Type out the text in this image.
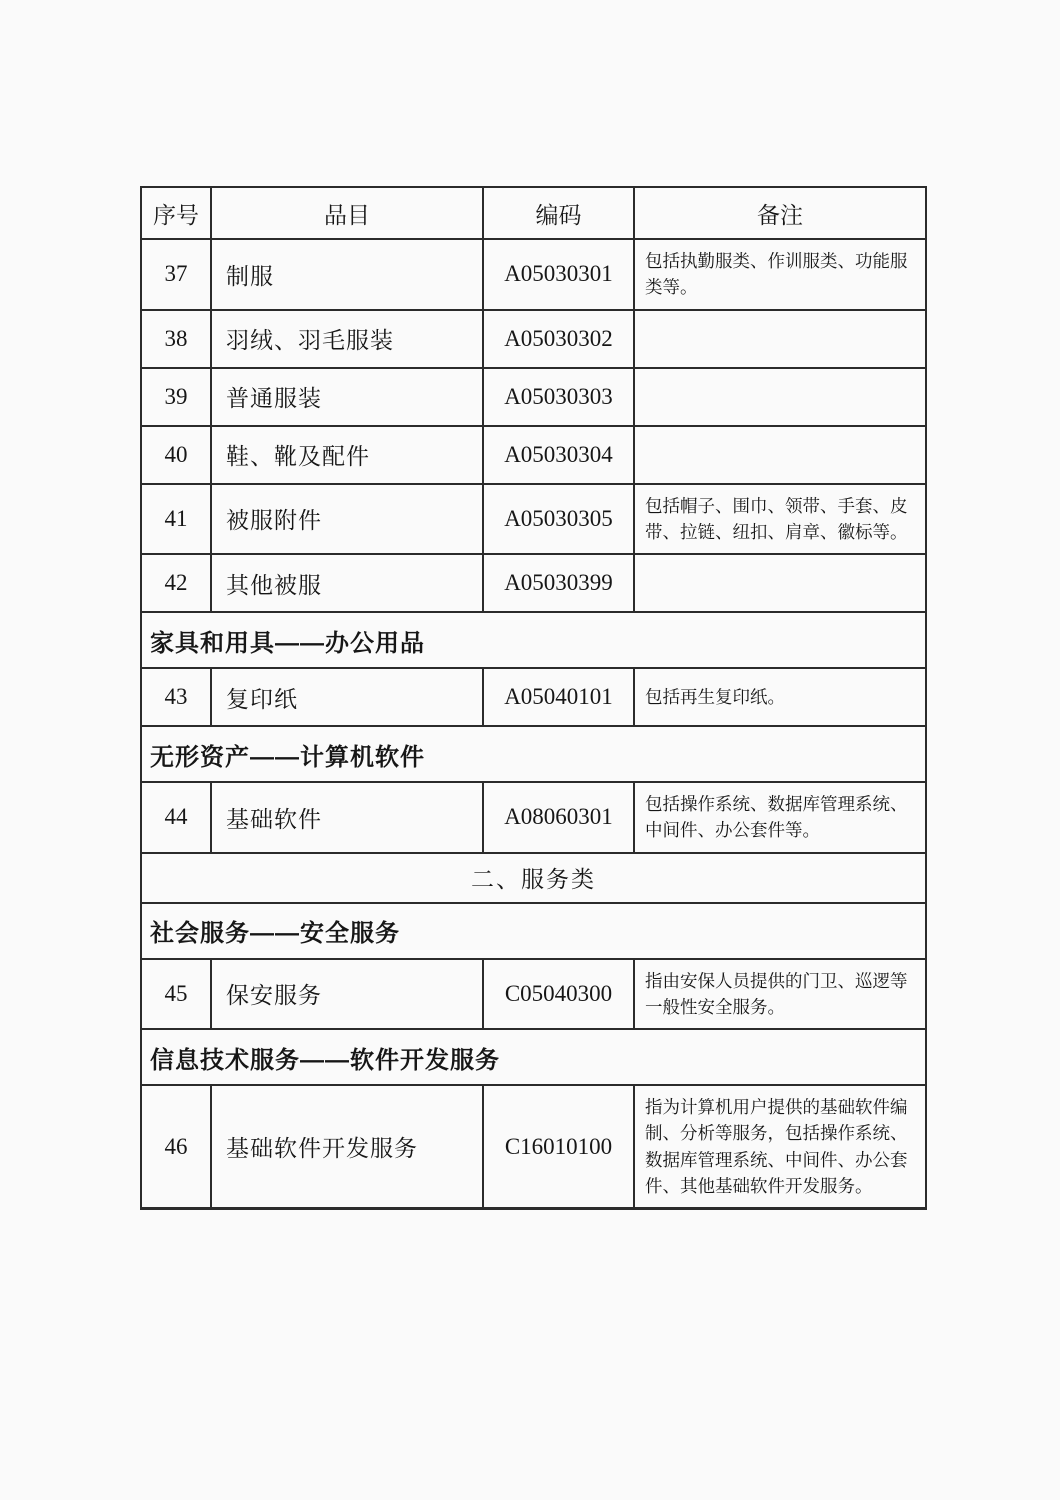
序号	品目	编码	备注
37	制服	A05030301	包括执勤服类、作训服类、功能服类等。
38	羽绒、羽毛服装	A05030302	
39	普通服装	A05030303	
40	鞋、靴及配件	A05030304	
41	被服附件	A05030305	包括帽子、围巾、领带、手套、皮带、拉链、纽扣、肩章、徽标等。
42	其他被服	A05030399	
家具和用具——办公用品			
43	复印纸	A05040101	包括再生复印纸。
无形资产——计算机软件			
44	基础软件	A08060301	包括操作系统、数据库管理系统、中间件、办公套件等。
二、服务类			
社会服务——安全服务			
45	保安服务	C05040300	指由安保人员提供的门卫、巡逻等一般性安全服务。
信息技术服务——软件开发服务			
46	基础软件开发服务	C16010100	指为计算机用户提供的基础软件编制、分析等服务，包括操作系统、数据库管理系统、中间件、办公套件、其他基础软件开发服务。
